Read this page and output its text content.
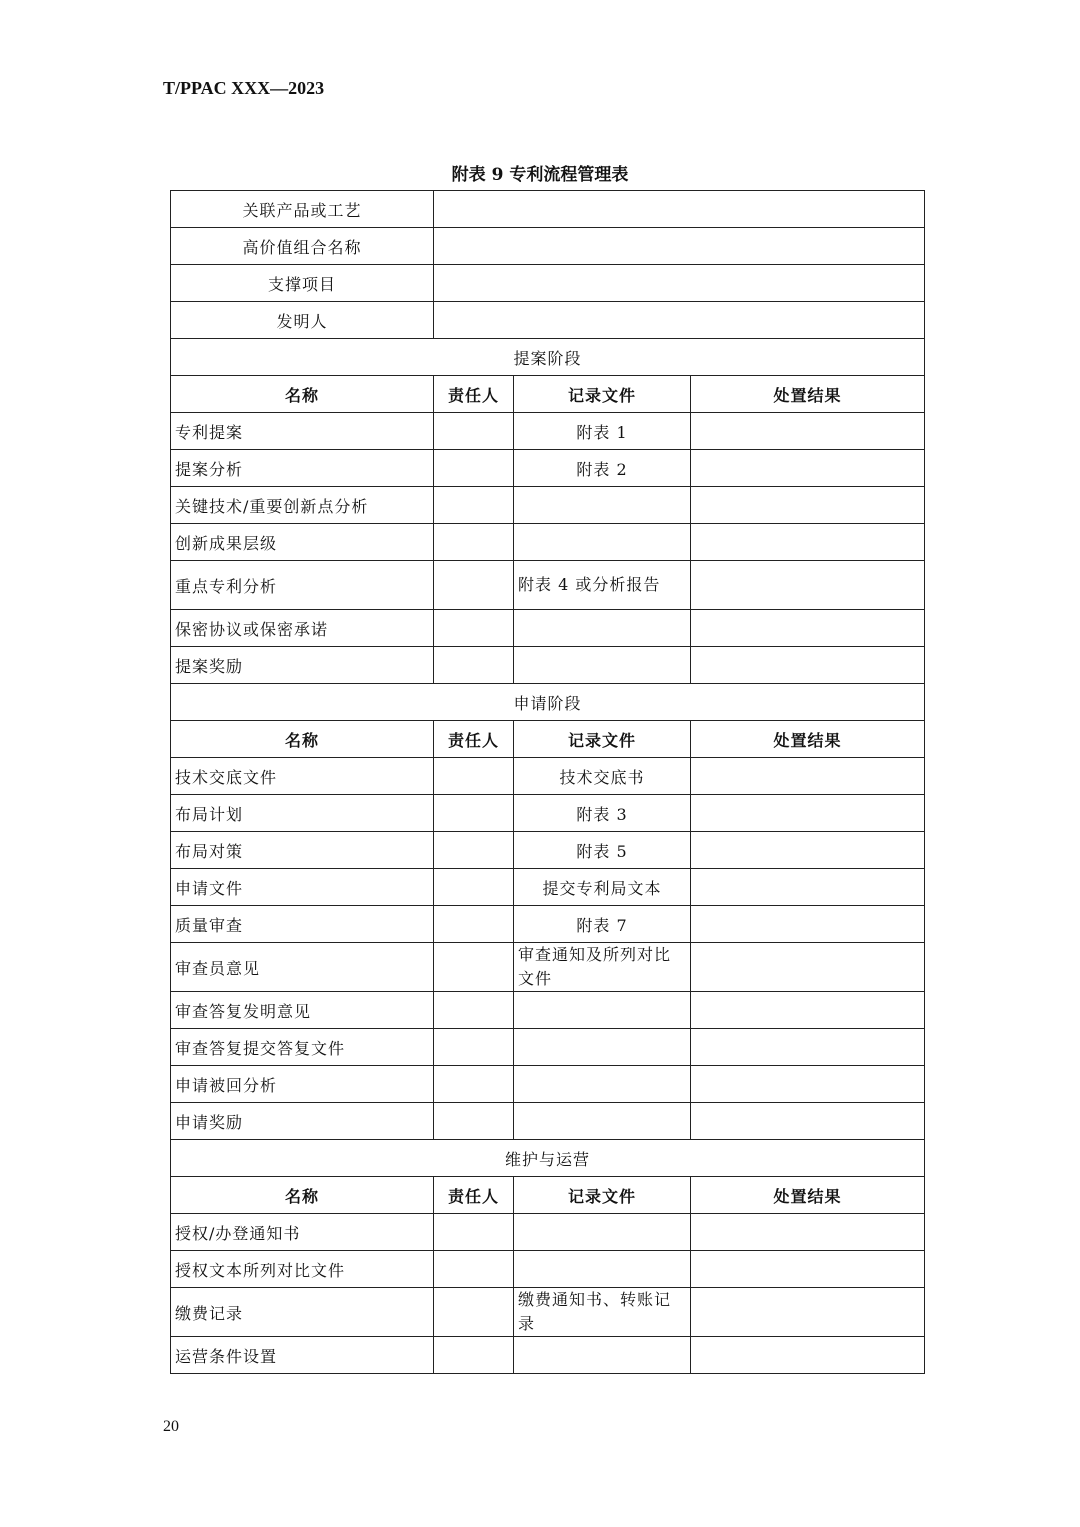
T/PPAC XXX—2023
附表 9 专利流程管理表
关联产品或工艺			
高价值组合名称			
支撑项目			
发明人			
提案阶段			
名称	责任人	记录文件	处置结果
专利提案		附表 1	
提案分析		附表 2	
关键技术/重要创新点分析			
创新成果层级			
重点专利分析		附表 4 或分析报告	
保密协议或保密承诺			
提案奖励			
申请阶段			
名称	责任人	记录文件	处置结果
技术交底文件		技术交底书	
布局计划		附表 3	
布局对策		附表 5	
申请文件		提交专利局文本	
质量审查		附表 7	
审查员意见		审查通知及所列对比文件	
审查答复发明意见			
审查答复提交答复文件			
申请被回分析			
申请奖励			
维护与运营			
名称	责任人	记录文件	处置结果
授权/办登通知书			
授权文本所列对比文件			
缴费记录		缴费通知书、转账记录	
运营条件设置			
20
